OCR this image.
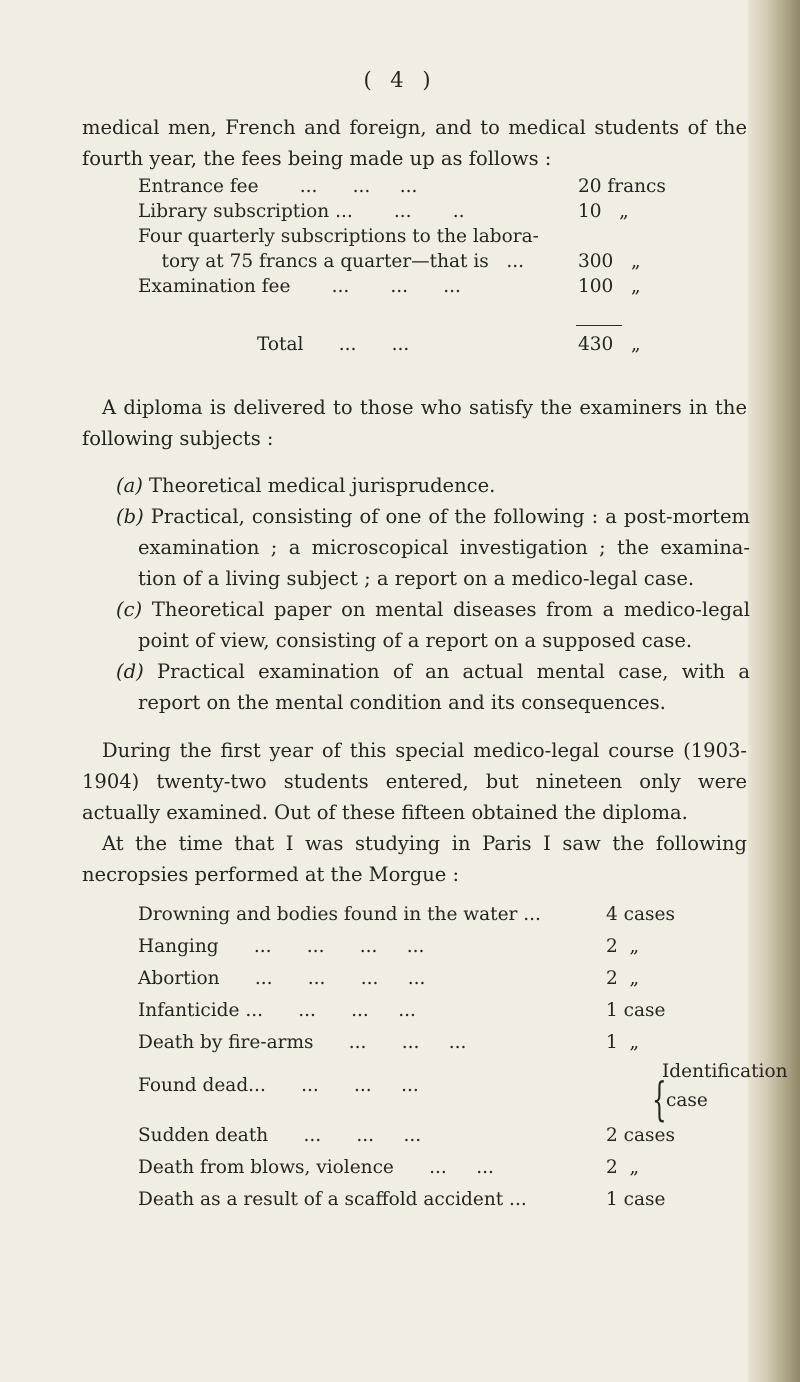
( 4 )

medical men, French and foreign, and to medical students of the fourth year, the fees being made up as follows :

Entrance fee       ...      ...     ...	20 francs
Library subscription ...       ...       ..	10   „
Four quarterly subscriptions to the labora-
tory at 75 francs a quarter—that is   ...	300   „
Examination fee       ...       ...      ...	100   „
Total      ...      ...	430   „

A diploma is delivered to those who satisfy the examiners in the following subjects :

(a) Theoretical medical jurisprudence.

(b) Practical, consisting of one of the following : a post-mortem examination ; a microscopical investigation ; the examina- tion of a living subject ; a report on a medico-legal case.

(c) Theoretical paper on mental diseases from a medico-legal point of view, consisting of a report on a supposed case.

(d) Practical examination of an actual mental case, with a report on the mental condition and its consequences.

During the first year of this special medico-legal course (1903-1904) twenty-two students entered, but nineteen only were actually examined. Out of these fifteen obtained the diploma.

At the time that I was studying in Paris I saw the following necropsies performed at the Morgue :

Drowning and bodies found in the water ...	4 cases
Hanging      ...      ...      ...     ...	2  „
Abortion      ...      ...      ...     ...	2  „
Infanticide ...      ...      ...     ...	1 case
Death by fire-arms      ...      ...     ...	1  „
Found dead...      ...      ...     ...	{
Identification
case
Sudden death      ...      ...     ...	2 cases
Death from blows, violence      ...     ...	2  „
Death as a result of a scaffold accident ...	1 case
